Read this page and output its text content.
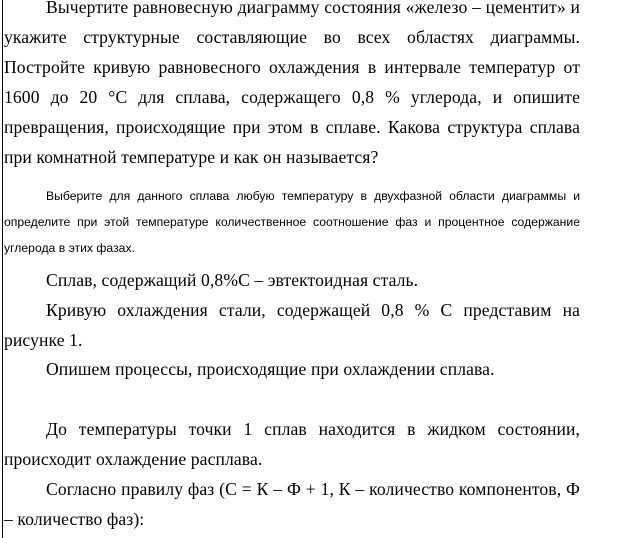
Вычертите равновесную диаграмму состояния «железо – цементит» и укажите структурные составляющие во всех областях диаграммы. Постройте кривую равновесного охлаждения в интервале температур от 1600 до 20 °С для сплава, содержащего 0,8 % углерода, и опишите превращения, происходящие при этом в сплаве. Какова структура сплава при комнатной температуре и как он называется?

Выберите для данного сплава любую температуру в двухфазной области диаграммы и определите при этой температуре количественное соотношение фаз и процентное содержание углерода в этих фазах.

Сплав, содержащий 0,8%С – эвтектоидная сталь.

Кривую охлаждения стали, содержащей 0,8 % С представим на рисунке 1.

Опишем процессы, происходящие при охлаждении сплава.

До температуры точки 1 сплав находится в жидком состоянии, происходит охлаждение расплава.

Согласно правилу фаз (С = К – Ф + 1, К – количество компонентов, Ф – количество фаз):
